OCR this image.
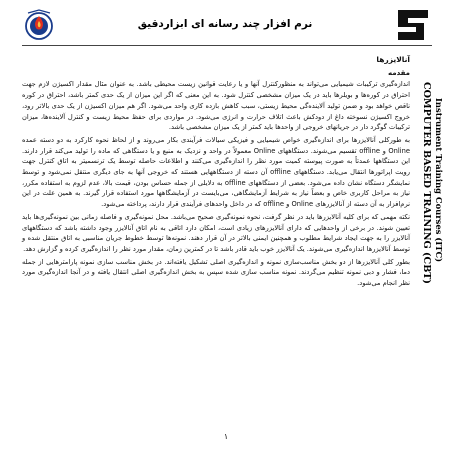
نرم افزار چند رسانه ای ابزاردقیق
COMPUTER BASED TRAINING (CBT) Instrument Training Courses (ITC)
آنالایزرها
مقدمه

اندازه‌گیری ترکیبات شیمیایی می‌تواند به منظورکنترل آنها و یا رعایت قوانین زیست محیطی باشد. به عنوان مثال مقدار اکسیژن لازم جهت احتراق در کوره‌ها و بویلرها باید در یک میزان مشخصی کنترل شود. به این معنی که اگر این میزان از یک حدی کمتر باشد، احتراق در کوره ناقص خواهد بود و ضمن تولید آلاینده‌گی محیط زیستی، سبب کاهش بازده کاری واحد می‌شود. اگر هم میزان اکسیژن از یک حدی بالاتر رود، خروج اکسیژن نسوخته داغ از دودکش باعث اتلاف حرارت و انرژی می‌شود. در مواردی برای حفظ محیط زیست و کنترل آلاینده‌ها، میزان ترکیبات گوگرد دار در جریانهای خروجی از واحدها باید کمتر از یک میزان مشخصی باشد.

به طورکلی آنالایزرها برای اندازه‌گیری خواص شیمیایی و فیزیکی سیالات فرآیندی بکار می‌روند و از لحاظ نحوه کارکرد به دو دسته عمده Online و offline تقسیم می‌شوند. دستگاههای Online معمولاً در واحد و نزدیک به منبع و یا دستگاهی که ماده را تولید می‌کند قرار دارند. این دستگاهها عمدتاً به صورت پیوسته کمیت مورد نظر را اندازه‌گیری می‌کنند و اطلاعات حاصله توسط یک ترنسمیتر به اتاق کنترل جهت رویت اپراتورها انتقال می‌یابد. دستگاههای offline آن دسته از دستگاههایی هستند که خروجی آنها به جای دیگری منتقل نمی‌شود و توسط نمایشگر دستگاه نشان داده می‌شود. بعضی از دستگاههای offline به دلایلی از جمله حساس بودن، قیمت بالا، عدم لزوم به استفاده مکرر، نیاز به مراحل کاربری خاص و بعضاً نیاز به شرایط آزمایشگاهی، می‌بایست در آزمایشگاهها مورد استفاده قرار گیرند. به همین علت در این نرم‌افزار به آن دسته از آنالایزرهای Online و offline که در داخل واحدهای فرآیندی قرار دارند، پرداخته می‌شود.

نکته مهمی که برای کلیه آنالایزرها باید در نظر گرفت، نحوه نمونه‌گیری صحیح می‌باشد. محل نمونه‌گیری و فاصله زمانی بین نمونه‌گیری‌ها باید تعیین شوند. در برخی از واحدهایی که دارای آنالایزرهای زیادی است، امکان دارد اتاقی به نام اتاق آنالایزر وجود داشته باشد که دستگاههای آنالایزر را به جهت ایجاد شرایط مطلوب و همچنین ایمنی بالاتر در آن قرار دهند. نمونه‌ها توسط خطوط جریان مناسبی به اتاق منتقل شده و توسط آنالایزرها اندازه‌گیری می‌شوند. یک آنالایزر خوب باید قادر باشد تا در کمترین زمان، مقدار مورد نظر را اندازه‌گیری کرده و گزارش دهد.

بطور کلی آنالایزرها از دو بخش مناسب‌سازی نمونه و اندازه‌گیری اصلی تشکیل یافته‌اند. در بخش مناسب سازی نمونه پارامترهایی از جمله دما، فشار و دبی نمونه تنظیم می‌گردند. نمونه مناسب سازی شده سپس به بخش اندازه‌گیری اصلی انتقال یافته و در آنجا اندازه‌گیری مورد نظر انجام می‌شود.

۱
